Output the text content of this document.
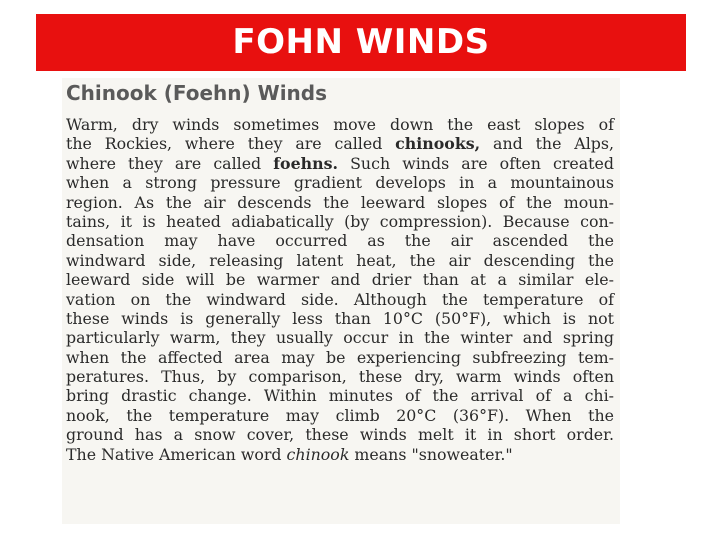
FOHN WINDS
Chinook (Foehn) Winds
Warm, dry winds sometimes move down the east slopes of
the Rockies, where they are called chinooks, and the Alps,
where they are called foehns. Such winds are often created
when a strong pressure gradient develops in a mountainous
region. As the air descends the leeward slopes of the moun-
tains, it is heated adiabatically (by compression). Because con-
densation may have occurred as the air ascended the
windward side, releasing latent heat, the air descending the
leeward side will be warmer and drier than at a similar ele-
vation on the windward side. Although the temperature of
these winds is generally less than 10°C (50°F), which is not
particularly warm, they usually occur in the winter and spring
when the affected area may be experiencing subfreezing tem-
peratures. Thus, by comparison, these dry, warm winds often
bring drastic change. Within minutes of the arrival of a chi-
nook, the temperature may climb 20°C (36°F). When the
ground has a snow cover, these winds melt it in short order.
The Native American word chinook means "snoweater."
